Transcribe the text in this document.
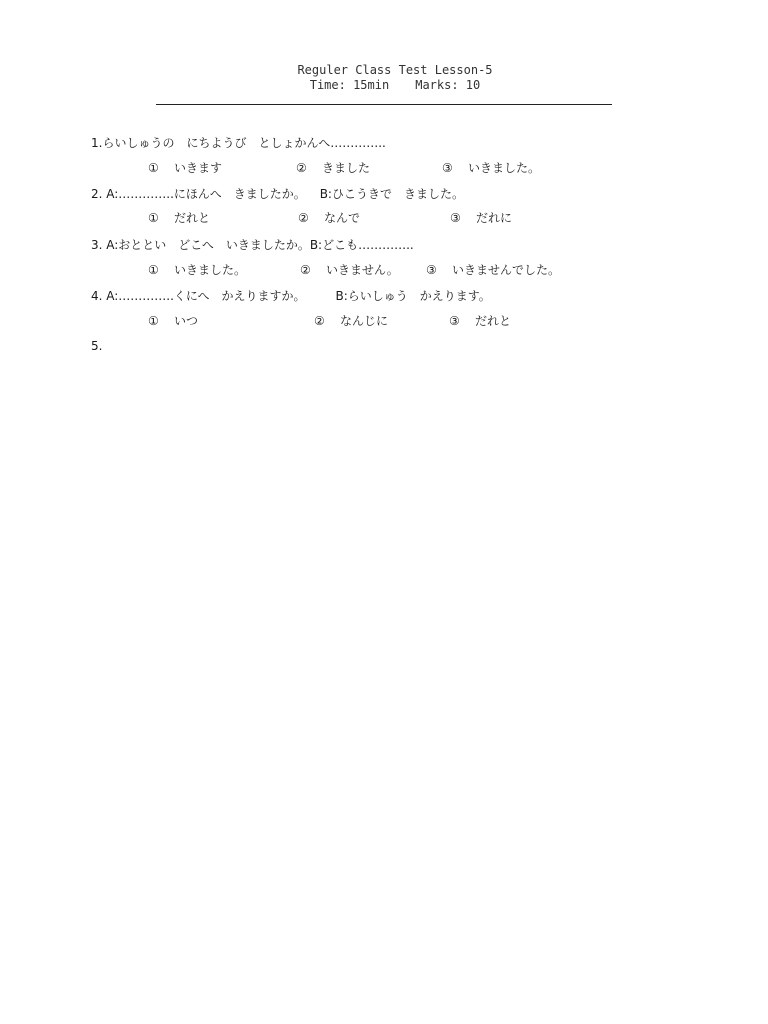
Reguler Class Test Lesson-5
Time: 15min Marks: 10
1.らいしゅうの　にちようび　としょかんへ…………..
① いきます	② きました	③ いきました。
2. A:…………..にほんへ　きましたか。 B:ひこうきで　きました。
① だれと	② なんで	③ だれに
3. A:おととい　どこへ　いきましたか。B:どこも…………..
① いきました。	② いきません。 ③ いきませんでした。
4. A:…………..くにへ　かえりますか。	B:らいしゅう　かえります。
① いつ	② なんじに	③ だれと
5.
